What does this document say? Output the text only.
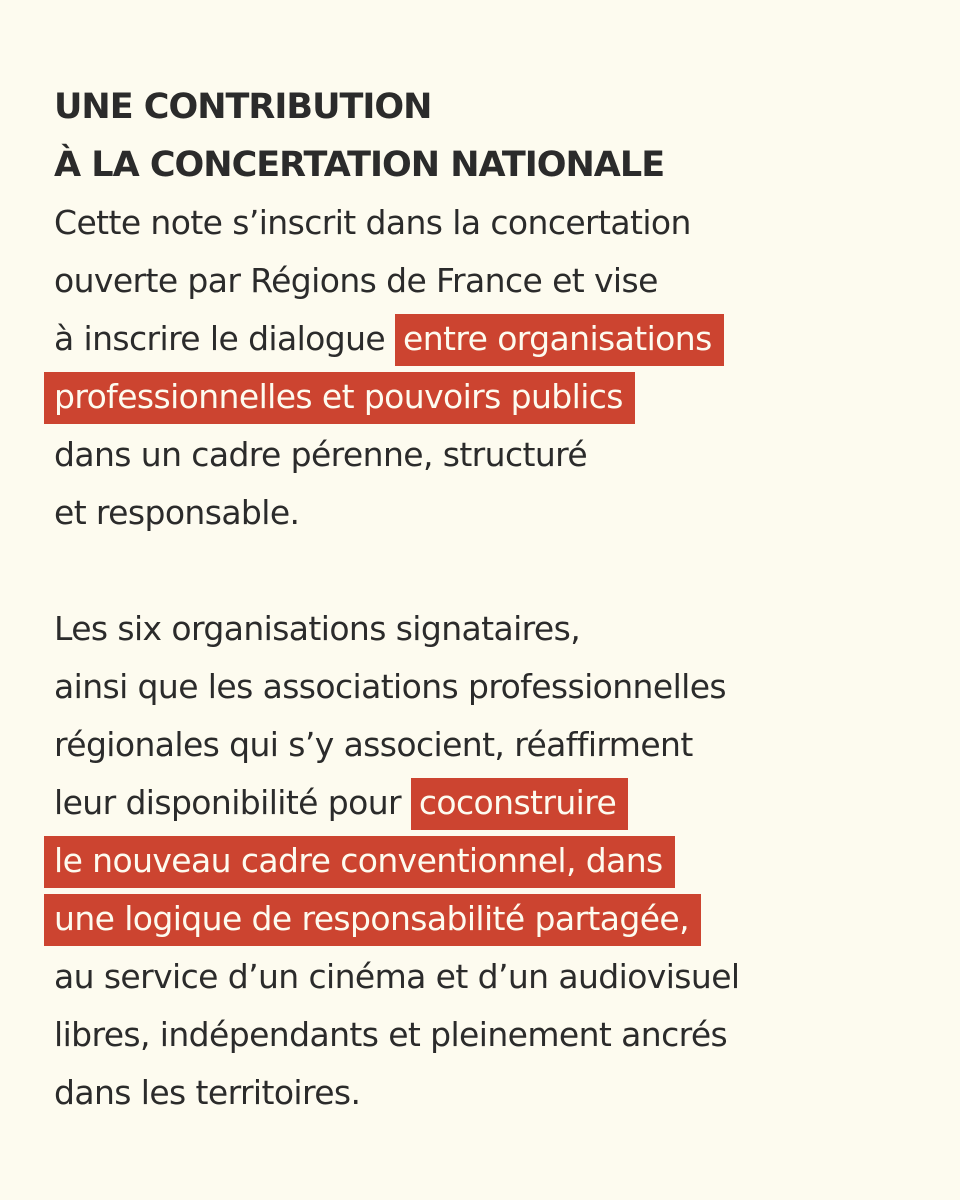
UNE CONTRIBUTION
À LA CONCERTATION NATIONALE

Cette note s’inscrit dans la concertation
ouverte par Régions de France et vise
à inscrire le dialogue entre organisations
professionnelles et pouvoirs publics
dans un cadre pérenne, structuré
et responsable.

Les six organisations signataires,
ainsi que les associations professionnelles
régionales qui s’y associent, réaffirment
leur disponibilité pour coconstruire
le nouveau cadre conventionnel, dans
une logique de responsabilité partagée,
au service d’un cinéma et d’un audiovisuel
libres, indépendants et pleinement ancrés
dans les territoires.
